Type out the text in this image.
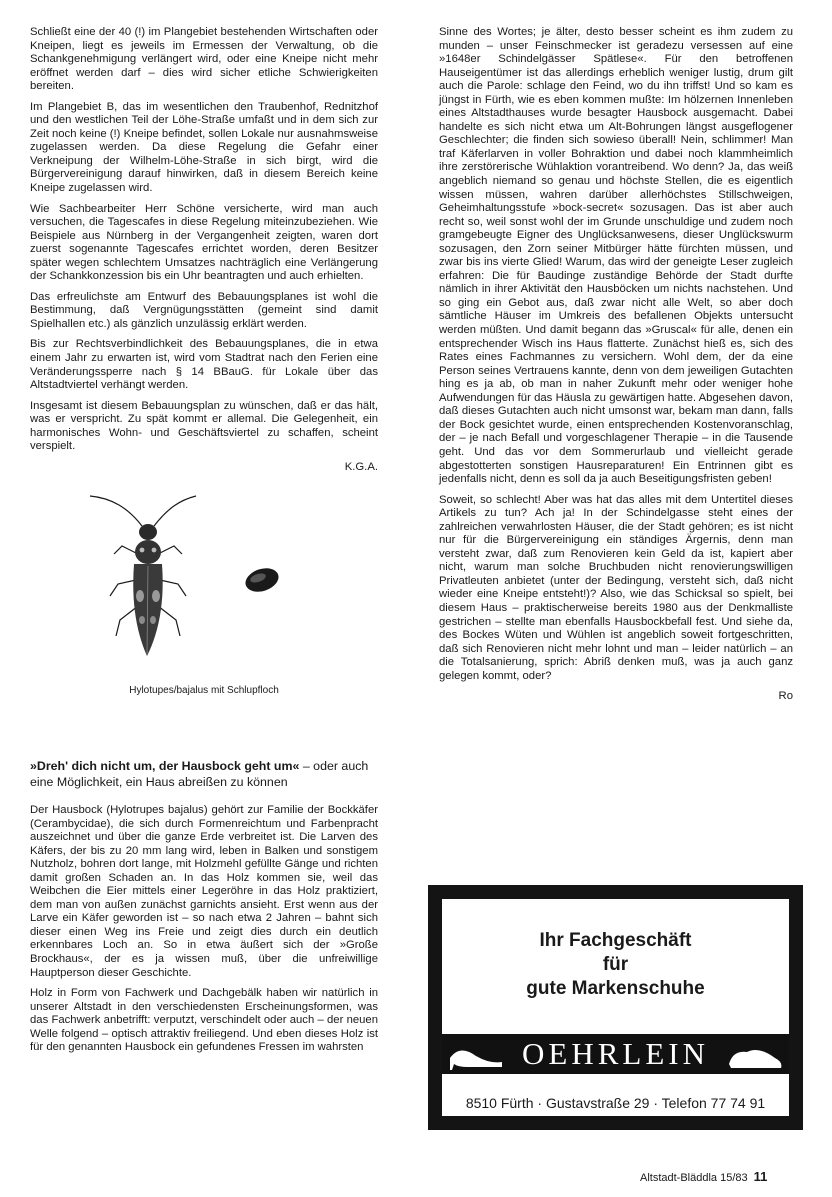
Schließt eine der 40 (!) im Plangebiet bestehenden Wirtschaften oder Kneipen, liegt es jeweils im Ermessen der Verwaltung, ob die Schankgenehmigung verlängert wird, oder eine Kneipe nicht mehr eröffnet werden darf – dies wird sicher etliche Schwierigkeiten bereiten.

Im Plangebiet B, das im wesentlichen den Traubenhof, Rednitzhof und den westlichen Teil der Löhe-Straße umfaßt und in dem sich zur Zeit noch keine (!) Kneipe befindet, sollen Lokale nur ausnahmsweise zugelassen werden. Da diese Regelung die Gefahr einer Verkneipung der Wilhelm-Löhe-Straße in sich birgt, wird die Bürgervereinigung darauf hinwirken, daß in diesem Bereich keine Kneipe zugelassen wird.

Wie Sachbearbeiter Herr Schöne versicherte, wird man auch versuchen, die Tagescafes in diese Regelung miteinzubeziehen. Wie Beispiele aus Nürnberg in der Vergangenheit zeigten, waren dort zuerst sogenannte Tagescafes errichtet worden, deren Besitzer später wegen schlechtem Umsatzes nachträglich eine Verlängerung der Schankkonzession bis ein Uhr beantragten und auch erhielten.

Das erfreulichste am Entwurf des Bebauungsplanes ist wohl die Bestimmung, daß Vergnügungsstätten (gemeint sind damit Spielhallen etc.) als gänzlich unzulässig erklärt werden.

Bis zur Rechtsverbindlichkeit des Bebauungsplanes, die in etwa einem Jahr zu erwarten ist, wird vom Stadtrat nach den Ferien eine Veränderungssperre nach § 14 BBauG. für Lokale über das Altstadtviertel verhängt werden.

Insgesamt ist diesem Bebauungsplan zu wünschen, daß er das hält, was er verspricht. Zu spät kommt er allemal. Die Gelegenheit, ein harmonisches Wohn- und Geschäftsviertel zu schaffen, scheint verspielt.

K.G.A.
Hylotupes/bajalus mit Schlupfloch
»Dreh' dich nicht um, der Hausbock geht um« – oder auch eine Möglichkeit, ein Haus abreißen zu können

Der Hausbock (Hylotrupes bajalus) gehört zur Familie der Bockkäfer (Cerambycidae), die sich durch Formenreichtum und Farbenpracht auszeichnet und über die ganze Erde verbreitet ist. Die Larven des Käfers, der bis zu 20 mm lang wird, leben in Balken und sonstigem Nutzholz, bohren dort lange, mit Holzmehl gefüllte Gänge und richten damit großen Schaden an. In das Holz kommen sie, weil das Weibchen die Eier mittels einer Legeröhre in das Holz praktiziert, dem man von außen zunächst garnichts ansieht. Erst wenn aus der Larve ein Käfer geworden ist – so nach etwa 2 Jahren – bahnt sich dieser einen Weg ins Freie und zeigt dies durch ein deutlich erkennbares Loch an. So in etwa äußert sich der »Große Brockhaus«, der es ja wissen muß, über die unfreiwillige Hauptperson dieser Geschichte.

Holz in Form von Fachwerk und Dachgebälk haben wir natürlich in unserer Altstadt in den verschiedensten Erscheinungsformen, was das Fachwerk anbetrifft: verputzt, verschindelt oder auch – der neuen Welle folgend – optisch attraktiv freiliegend. Und eben dieses Holz ist für den genannten Hausbock ein gefundenes Fressen im wahrsten

Sinne des Wortes; je älter, desto besser scheint es ihm zudem zu munden – unser Feinschmecker ist geradezu versessen auf eine »1648er Schindelgässer Spätlese«. Für den betroffenen Hauseigentümer ist das allerdings erheblich weniger lustig, drum gilt auch die Parole: schlage den Feind, wo du ihn triffst! Und so kam es jüngst in Fürth, wie es eben kommen mußte: Im hölzernen Innenleben eines Altstadthauses wurde besagter Hausbock ausgemacht. Dabei handelte es sich nicht etwa um Alt-Bohrungen längst ausgeflogener Geschlechter; die finden sich sowieso überall! Nein, schlimmer! Man traf Käferlarven in voller Bohraktion und dabei noch klammheimlich ihre zerstörerische Wühlaktion vorantreibend. Wo denn? Ja, das weiß angeblich niemand so genau und höchste Stellen, die es eigentlich wissen müssen, wahren darüber allerhöchstes Stillschweigen, Geheimhaltungsstufe »bock-secret« sozusagen. Das ist aber auch recht so, weil sonst wohl der im Grunde unschuldige und zudem noch gramgebeugte Eigner des Unglücksanwesens, dieser Unglückswurm sozusagen, den Zorn seiner Mitbürger hätte fürchten müssen, und zwar bis ins vierte Glied! Warum, das wird der geneigte Leser zugleich erfahren: Die für Baudinge zuständige Behörde der Stadt durfte nämlich in ihrer Aktivität den Hausböcken um nichts nachstehen. Und so ging ein Gebot aus, daß zwar nicht alle Welt, so aber doch sämtliche Häuser im Umkreis des befallenen Objekts untersucht werden müßten. Und damit begann das »Gruscal« für alle, denen ein entsprechender Wisch ins Haus flatterte. Zunächst hieß es, sich des Rates eines Fachmannes zu versichern. Wohl dem, der da eine Person seines Vertrauens kannte, denn von dem jeweiligen Gutachten hing es ja ab, ob man in naher Zukunft mehr oder weniger hohe Aufwendungen für das Häusla zu gewärtigen hatte. Abgesehen davon, daß dieses Gutachten auch nicht umsonst war, bekam man dann, falls der Bock gesichtet wurde, einen entsprechenden Kostenvoranschlag, der – je nach Befall und vorgeschlagener Therapie – in die Tausende geht. Und das vor dem Sommerurlaub und vielleicht gerade abgestotterten sonstigen Hausreparaturen! Ein Entrinnen gibt es jedenfalls nicht, denn es soll da ja auch Beseitigungsfristen geben!

Soweit, so schlecht! Aber was hat das alles mit dem Untertitel dieses Artikels zu tun? Ach ja! In der Schindelgasse steht eines der zahlreichen verwahrlosten Häuser, die der Stadt gehören; es ist nicht nur für die Bürgervereinigung ein ständiges Ärgernis, denn man versteht zwar, daß zum Renovieren kein Geld da ist, kapiert aber nicht, warum man solche Bruchbuden nicht renovierungswilligen Privatleuten anbietet (unter der Bedingung, versteht sich, daß nicht wieder eine Kneipe entsteht!)? Also, wie das Schicksal so spielt, bei diesem Haus – praktischerweise bereits 1980 aus der Denkmalliste gestrichen – stellte man ebenfalls Hausbockbefall fest. Und siehe da, des Bockes Wüten und Wühlen ist angeblich soweit fortgeschritten, daß sich Renovieren nicht mehr lohnt und man – leider natürlich – an die Totalsanierung, sprich: Abriß denken muß, was ja auch ganz gelegen kommt, oder?

Ro
Ihr Fachgeschäft
für
gute Markenschuhe
OEHRLEIN
8510 Fürth · Gustavstraße 29 · Telefon 77 74 91
Altstadt-Bläddla 15/83 11
